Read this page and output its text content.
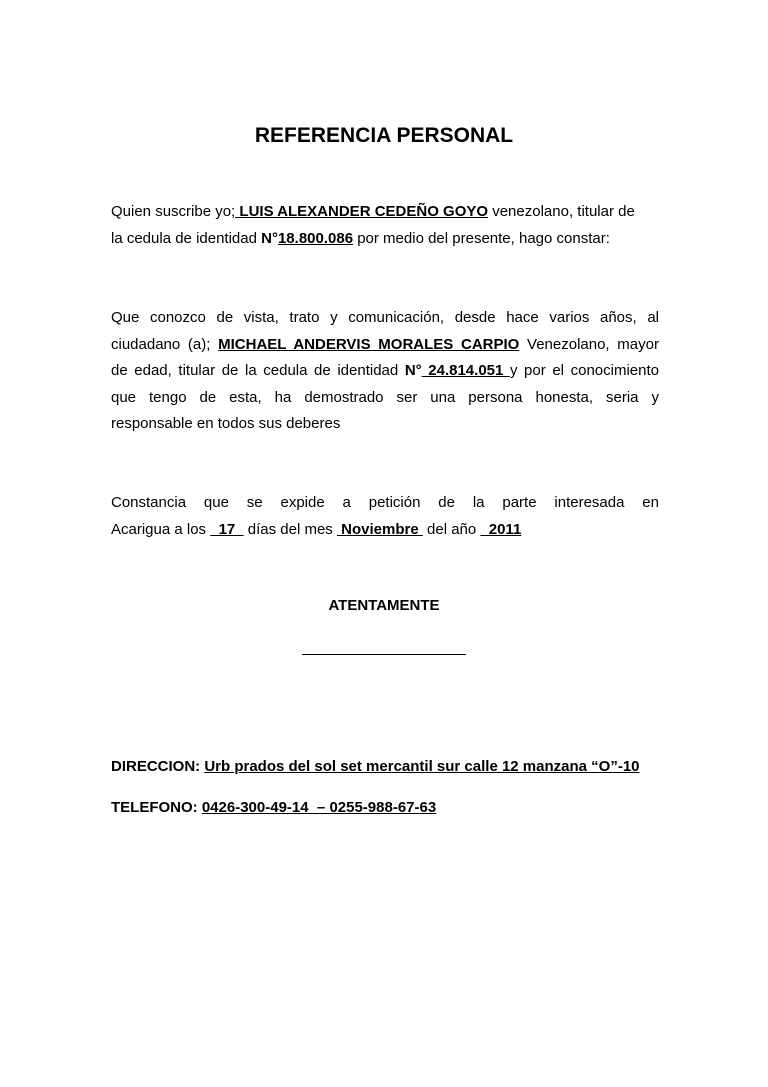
REFERENCIA PERSONAL
Quien suscribe yo; LUIS ALEXANDER CEDEÑO GOYO venezolano, titular de
la cedula de identidad N°18.800.086 por medio del presente, hago constar:
Que conozco de vista, trato y comunicación, desde hace varios años, al
ciudadano (a); MICHAEL ANDERVIS MORALES CARPIO Venezolano, mayor
de edad, titular de la cedula de identidad N° 24.814.051 y por el conocimiento
que tengo de esta, ha demostrado ser una persona honesta, seria y
responsable en todos sus deberes
Constancia que se expide a petición de la parte interesada en
Acarigua a los   17   días del mes  Noviembre  del año   2011
ATENTAMENTE
DIRECCION: Urb prados del sol set mercantil sur calle 12 manzana “O”-10
TELEFONO: 0426-300-49-14  – 0255-988-67-63
